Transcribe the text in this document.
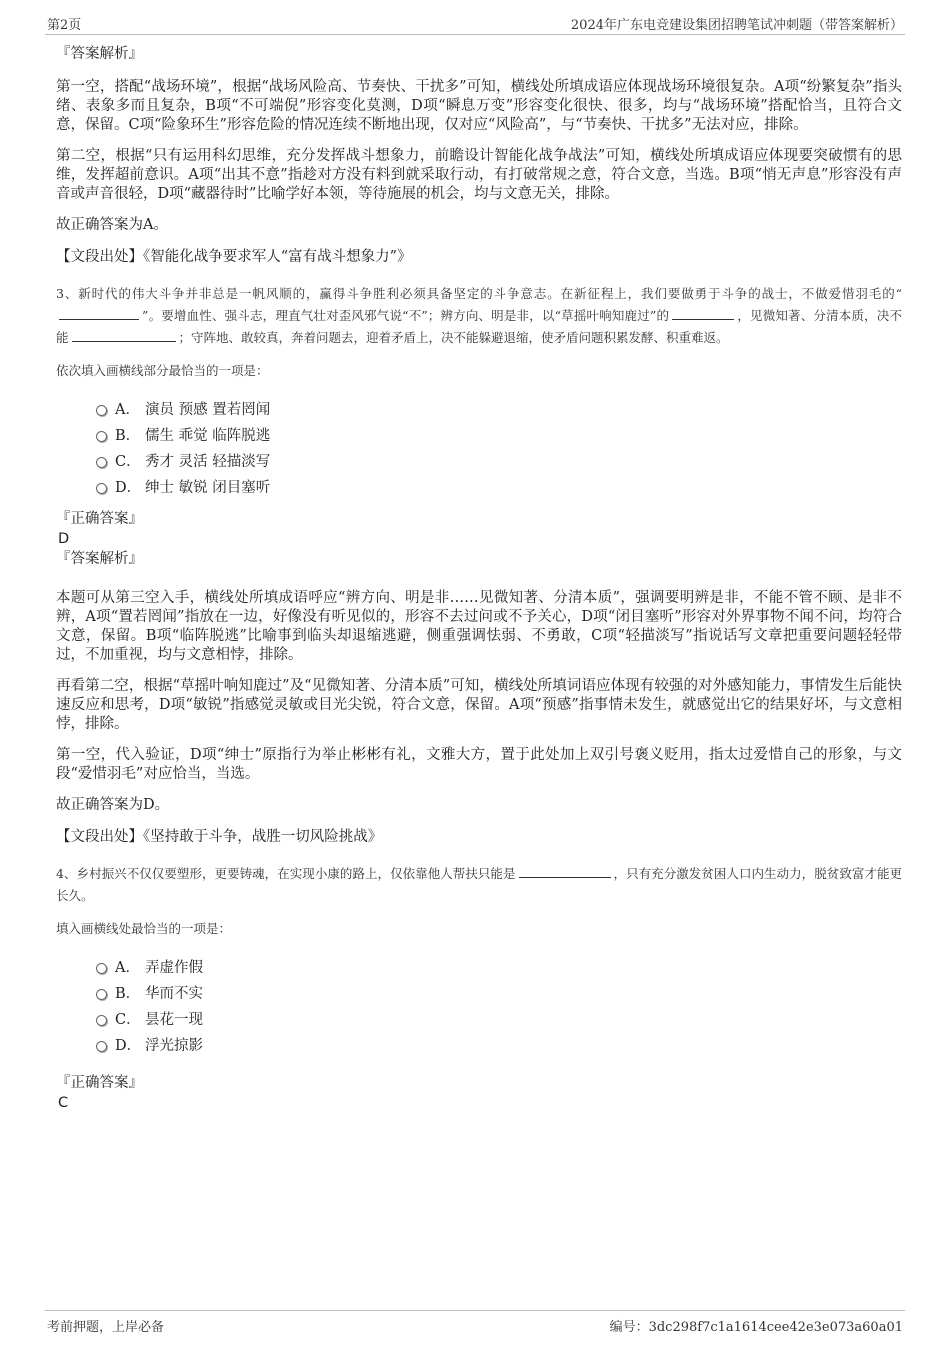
第2页	2024年广东电竞建设集团招聘笔试冲刺题（带答案解析）

『答案解析』

第一空，搭配“战场环境”，根据“战场风险高、节奏快、干扰多”可知，横线处所填成语应体现战场环境很复杂。A项“纷繁复杂”指头绪、表象多而且复杂，B项“不可端倪”形容变化莫测，D项“瞬息万变”形容变化很快、很多，均与“战场环境”搭配恰当，且符合文意，保留。C项“险象环生”形容危险的情况连续不断地出现，仅对应“风险高”，与“节奏快、干扰多”无法对应，排除。

第二空，根据“只有运用科幻思维，充分发挥战斗想象力，前瞻设计智能化战争战法”可知，横线处所填成语应体现要突破惯有的思维，发挥超前意识。A项“出其不意”指趁对方没有料到就采取行动，有打破常规之意，符合文意，当选。B项“悄无声息”形容没有声音或声音很轻，D项“藏器待时”比喻学好本领，等待施展的机会，均与文意无关，排除。

故正确答案为A。

【文段出处】《智能化战争要求军人“富有战斗想象力”》

3、新时代的伟大斗争并非总是一帆风顺的，赢得斗争胜利必须具备坚定的斗争意志。在新征程上，我们要做勇于斗争的战士，不做爱惜羽毛的“”。要增血性、强斗志，理直气壮对歪风邪气说“不”；辨方向、明是非，以“草摇叶响知鹿过”的	，见微知著、分清本质，决不能	；守阵地、敢较真，奔着问题去，迎着矛盾上，决不能躲避退缩，使矛盾问题积累发酵、积重难返。

依次填入画横线部分最恰当的一项是：

A． 演员 预感 置若罔闻
B． 儒生 乖觉 临阵脱逃
C． 秀才 灵活 轻描淡写
D． 绅士 敏锐 闭目塞听

『正确答案』

D

『答案解析』

本题可从第三空入手，横线处所填成语呼应“辨方向、明是非……见微知著、分清本质”，强调要明辨是非，不能不管不顾、是非不辨，A项“置若罔闻”指放在一边，好像没有听见似的，形容不去过问或不予关心，D项“闭目塞听”形容对外界事物不闻不问，均符合文意，保留。B项“临阵脱逃”比喻事到临头却退缩逃避，侧重强调怯弱、不勇敢，C项“轻描淡写”指说话写文章把重要问题轻轻带过，不加重视，均与文意相悖，排除。

再看第二空，根据“草摇叶响知鹿过”及“见微知著、分清本质”可知，横线处所填词语应体现有较强的对外感知能力，事情发生后能快速反应和思考，D项“敏锐”指感觉灵敏或目光尖锐，符合文意，保留。A项“预感”指事情未发生，就感觉出它的结果好坏，与文意相悖，排除。

第一空，代入验证，D项“绅士”原指行为举止彬彬有礼，文雅大方，置于此处加上双引号褒义贬用，指太过爱惜自己的形象，与文段“爱惜羽毛”对应恰当，当选。

故正确答案为D。

【文段出处】《坚持敢于斗争，战胜一切风险挑战》

4、乡村振兴不仅仅要塑形，更要铸魂，在实现小康的路上，仅依靠他人帮扶只能是	，只有充分激发贫困人口内生动力，脱贫致富才能更长久。

填入画横线处最恰当的一项是：

A． 弄虚作假
B． 华而不实
C． 昙花一现
D． 浮光掠影

『正确答案』

C

考前押题，上岸必备	编号：3dc298f7c1a1614cee42e3e073a60a01
